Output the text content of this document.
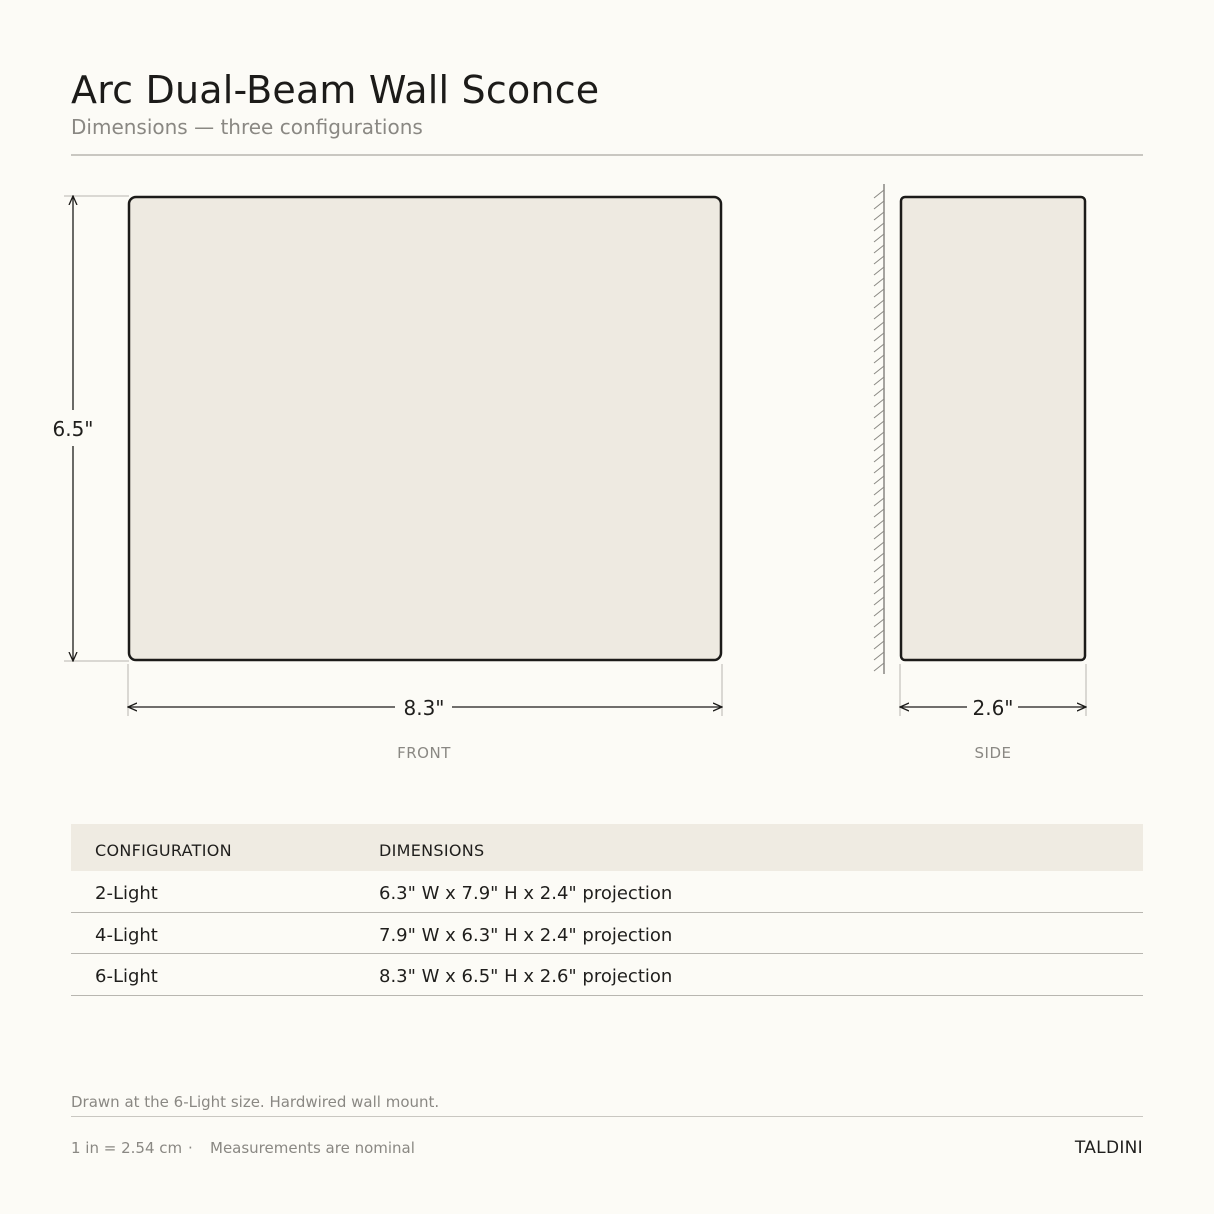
Arc Dual-Beam Wall Sconce
Dimensions — three configurations
6.5"
8.3"
FRONT
2.6"
SIDE
CONFIGURATION	DIMENSIONS
2-Light	6.3" W x 7.9" H x 2.4" projection
4-Light	7.9" W x 6.3" H x 2.4" projection
6-Light	8.3" W x 6.5" H x 2.6" projection
Drawn at the 6-Light size. Hardwired wall mount.
1 in = 2.54 cm · Measurements are nominal	TALDINI
